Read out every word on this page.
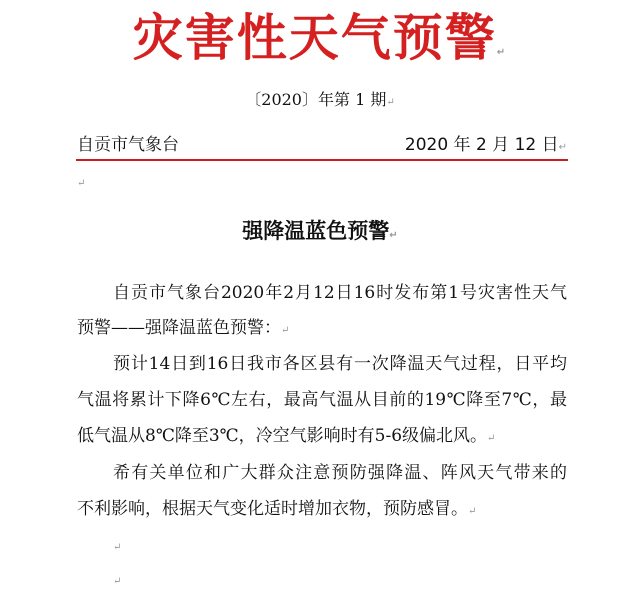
灾害性天气预警↵
〔2020〕年第 1 期↵
自贡市气象台	2020 年 2 月 12 日↵
↵
强降温蓝色预警↵
自贡市气象台2020年2月12日16时发布第1号灾害性天气
预警——强降温蓝色预警：↵
预计14日到16日我市各区县有一次降温天气过程，日平均
气温将累计下降6℃左右，最高气温从目前的19℃降至7℃，最
低气温从8℃降至3℃，冷空气影响时有5-6级偏北风。↵
希有关单位和广大群众注意预防强降温、阵风天气带来的
不利影响，根据天气变化适时增加衣物，预防感冒。↵
↵
↵
